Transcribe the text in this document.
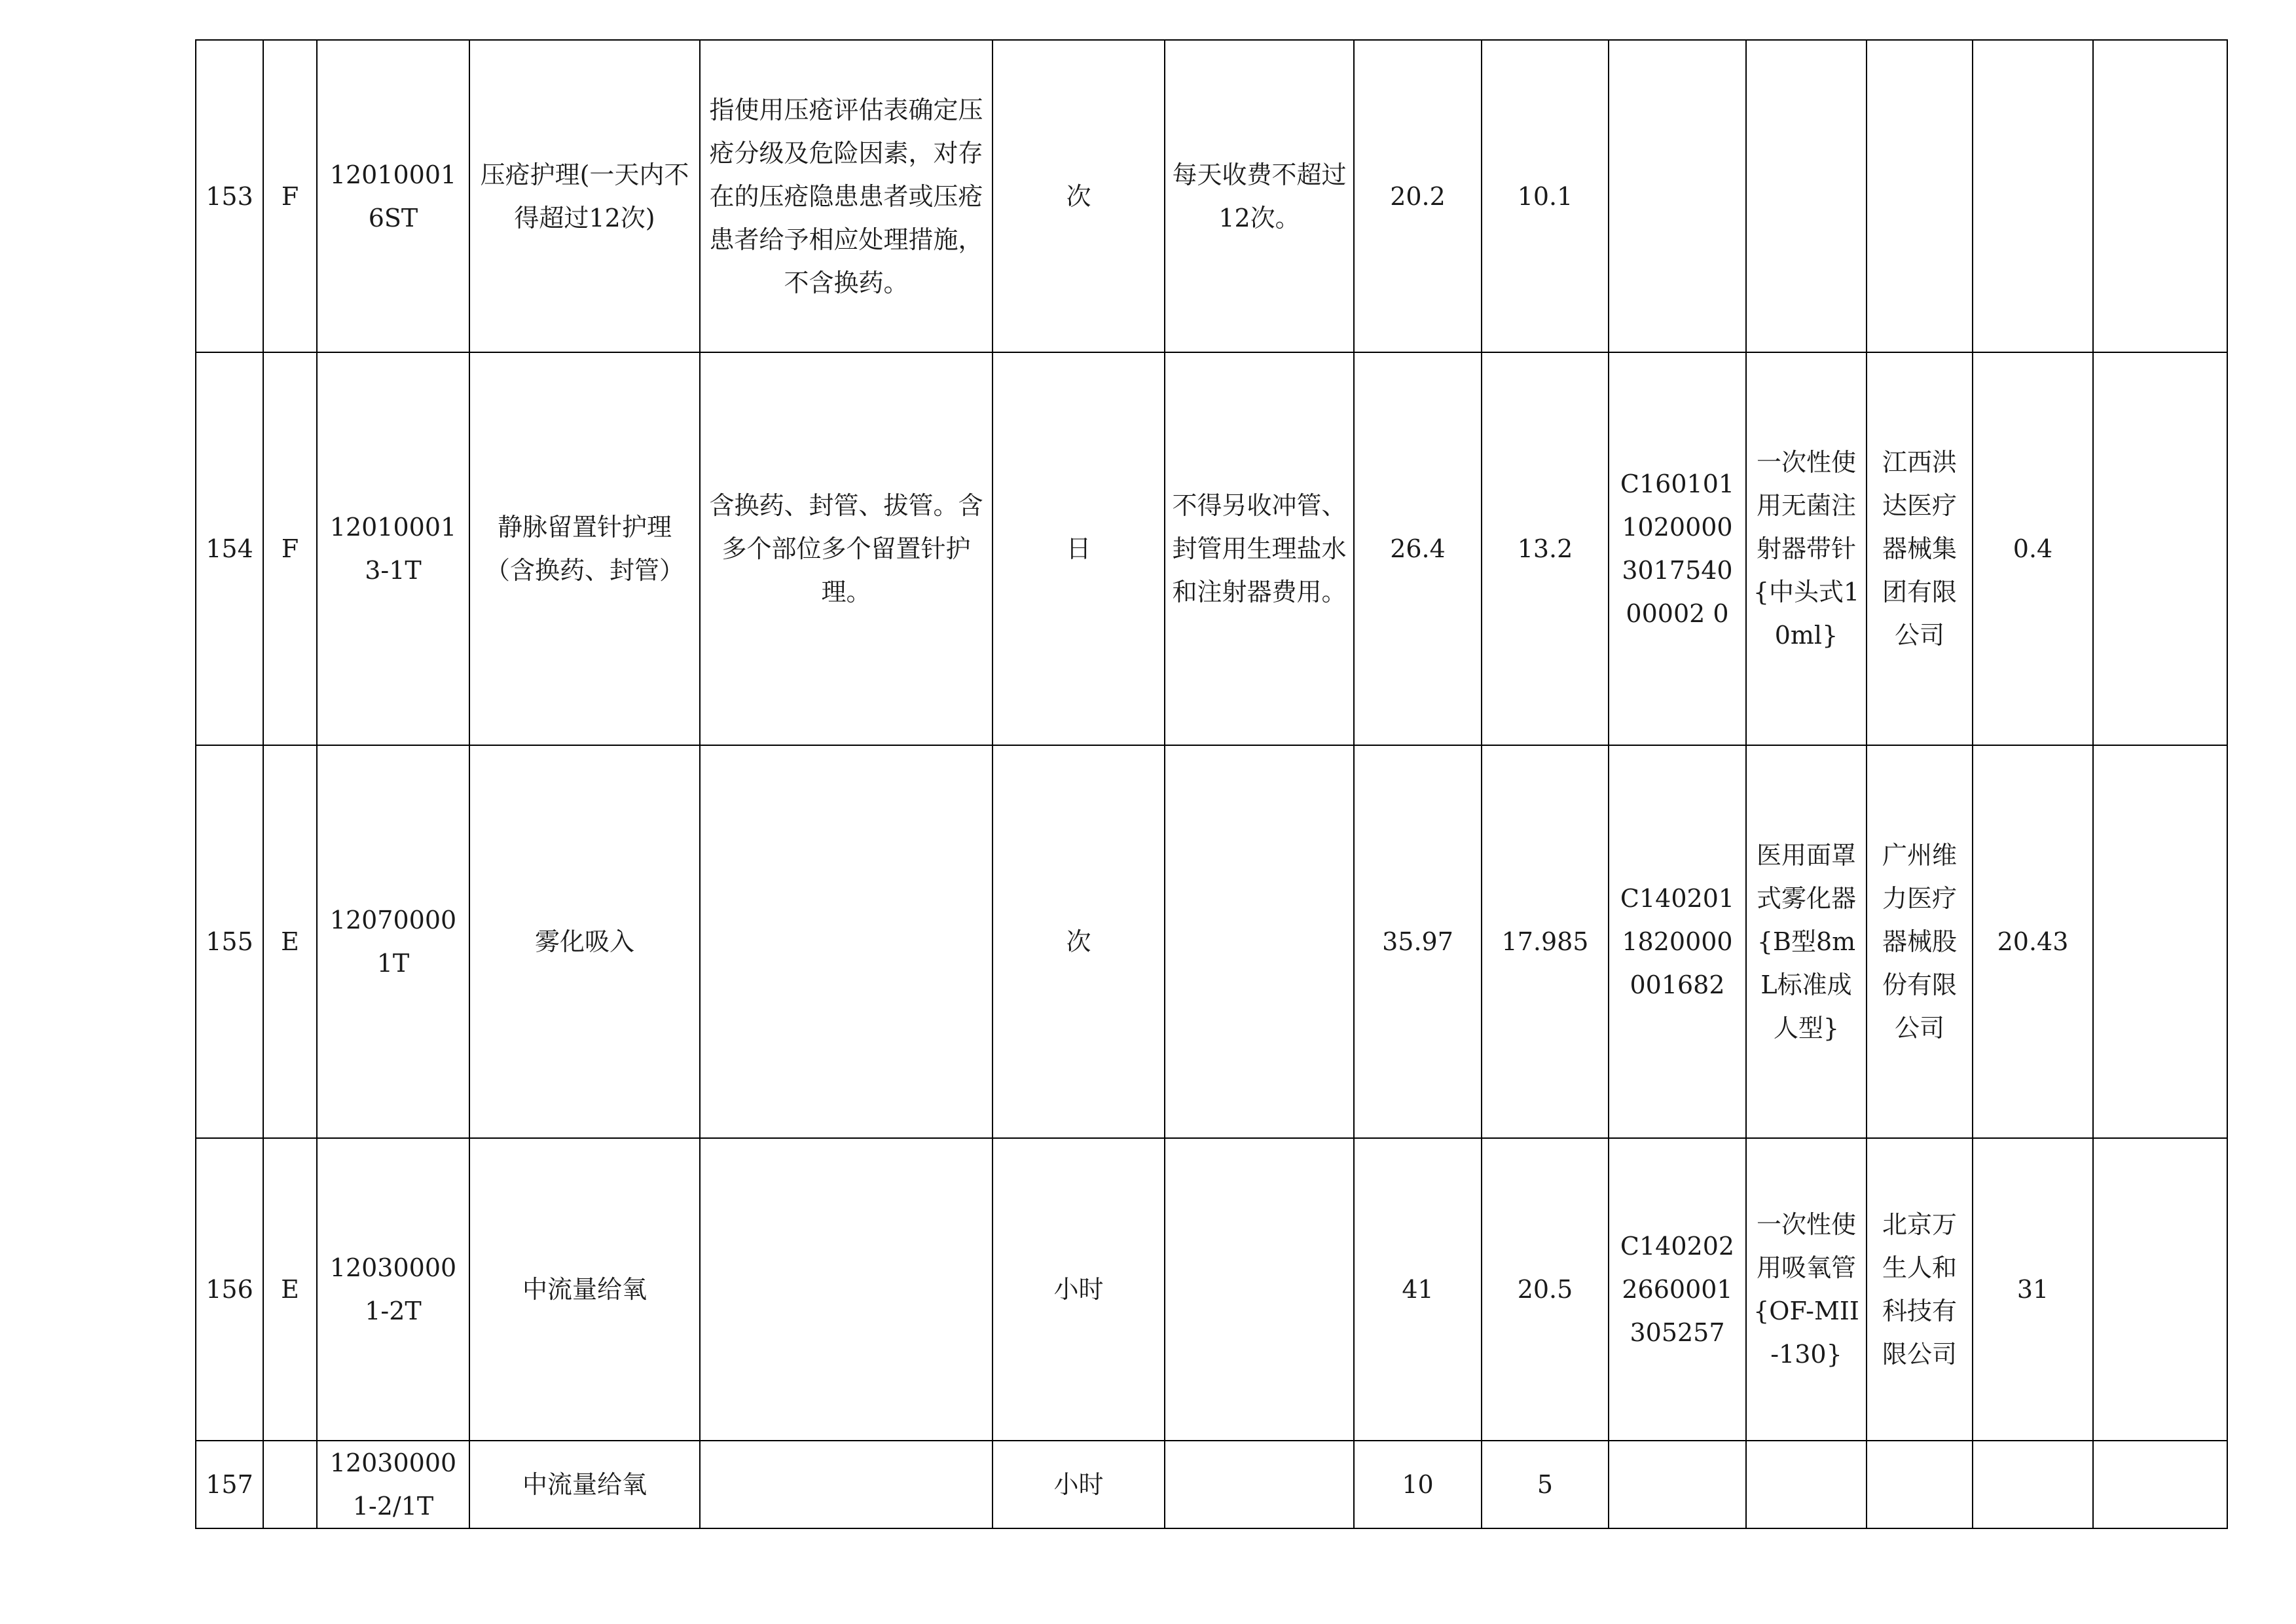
153	F	120100016ST	压疮护理(一天内不得超过12次)	指使用压疮评估表确定压疮分级及危险因素，对存在的压疮隐患患者或压疮患者给予相应处理措施，不含换药。	次	每天收费不超过12次。	20.2	10.1					
154	F	120100013-1T	静脉留置针护理（含换药、封管）	含换药、封管、拔管。含多个部位多个留置针护理。	日	不得另收冲管、封管用生理盐水和注射器费用。	26.4	13.2	C1601011020000301754000002 0	一次性使用无菌注射器带针{中头式10ml}	江西洪达医疗器械集团有限公司	0.4	
155	E	120700001T	雾化吸入		次		35.97	17.985	C1402011820000001682	医用面罩式雾化器{B型8mL标准成人型}	广州维力医疗器械股份有限公司	20.43	
156	E	120300001-2T	中流量给氧		小时		41	20.5	C1402022660001305257	一次性使用吸氧管{OF-MII-130}	北京万生人和科技有限公司	31	
157		120300001-2/1T	中流量给氧		小时		10	5					
